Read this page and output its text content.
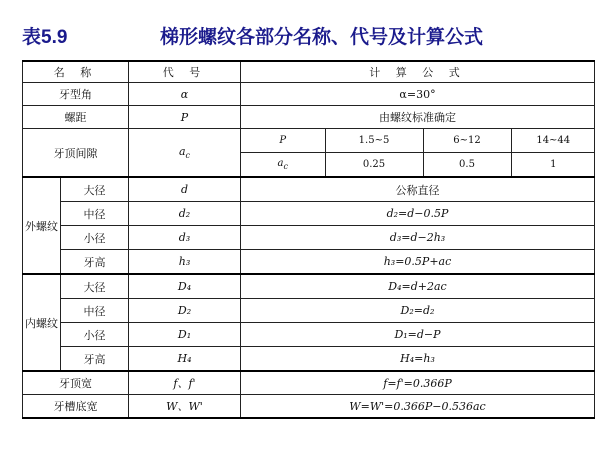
表5.9	梯形螺纹各部分名称、代号及计算公式
名 称	代 号	计 算 公 式
牙型角	α	α=30°
螺距	P	由螺纹标准确定
牙顶间隙	$a_c$	
P	1.5~5	6~12	14~44
$a_c$	0.25	0.5	1

外螺纹	大径	d	公称直径
中径	d₂	d₂=d−0.5P
小径	d₃	d₃=d−2h₃
牙高	h₃	h₃=0.5P+ac
内螺纹	大径	D₄	D₄=d+2ac
中径	D₂	D₂=d₂
小径	D₁	D₁=d−P
牙高	H₄	H₄=h₃
牙顶宽	f、f'	f=f'=0.366P
牙槽底宽	W、W'	W=W'=0.366P−0.536ac
